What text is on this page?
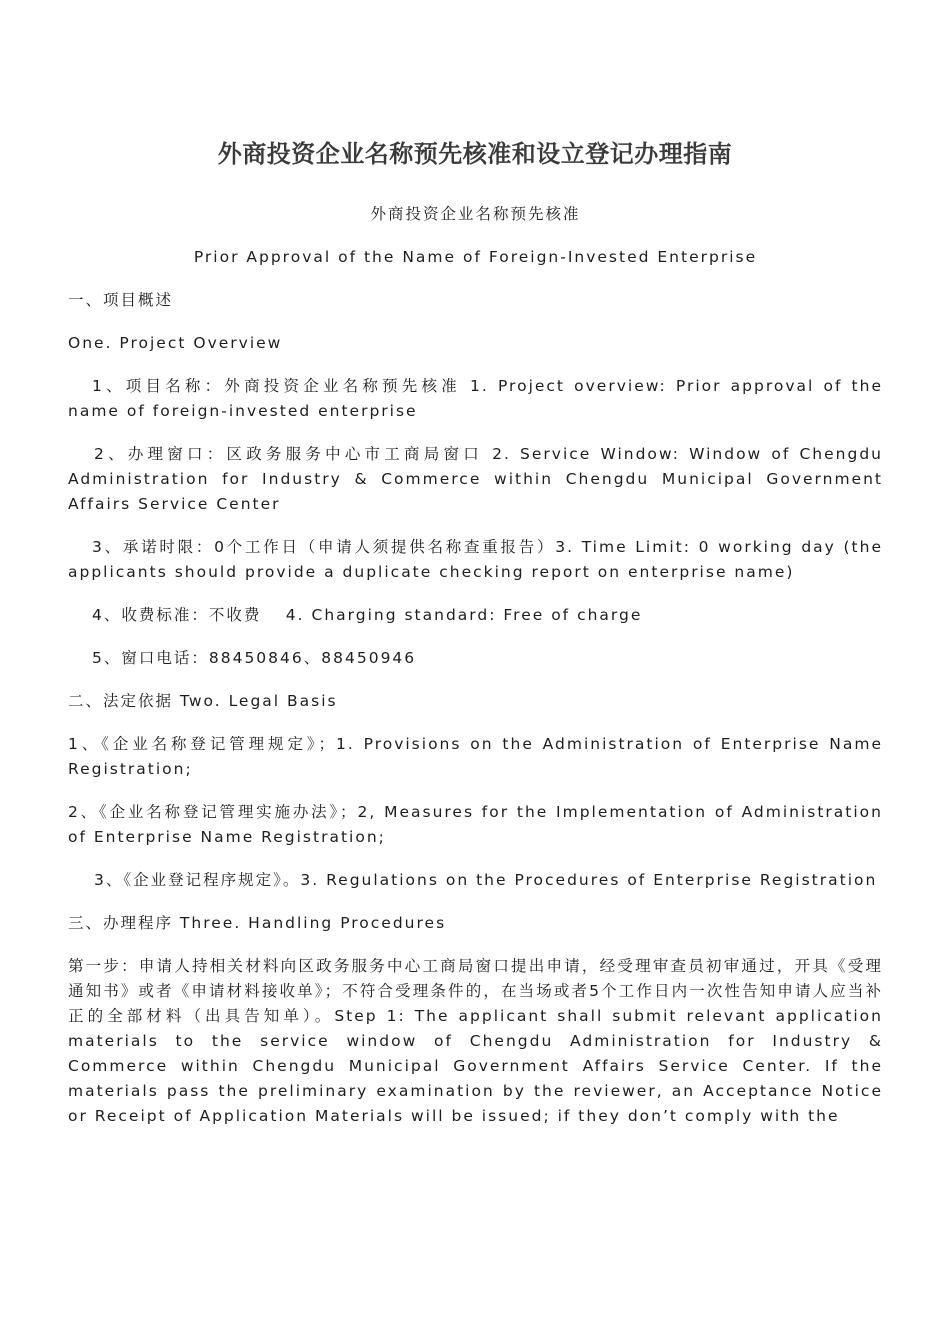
外商投资企业名称预先核准和设立登记办理指南

外商投资企业名称预先核准

Prior Approval of the Name of Foreign-Invested Enterprise

一、项目概述

One. Project Overview

1、项目名称：外商投资企业名称预先核准 1. Project overview: Prior approval of the name of foreign-invested enterprise

2、办理窗口：区政务服务中心市工商局窗口 2. Service Window: Window of Chengdu Administration for Industry & Commerce within Chengdu Municipal Government Affairs Service Center

3、承诺时限：0个工作日（申请人须提供名称查重报告）3. Time Limit: 0 working day (the applicants should provide a duplicate checking report on enterprise name)

4、收费标准：不收费　 4. Charging standard: Free of charge

5、窗口电话：88450846、88450946

二、法定依据 Two. Legal Basis

1、《企业名称登记管理规定》；1. Provisions on the Administration of Enterprise Name Registration;

2、《企业名称登记管理实施办法》；2, Measures for the Implementation of Administration of Enterprise Name Registration;

3、《企业登记程序规定》。3. Regulations on the Procedures of Enterprise Registration

三、办理程序 Three. Handling Procedures

第一步：申请人持相关材料向区政务服务中心工商局窗口提出申请，经受理审查员初审通过，开具《受理通知书》或者《申请材料接收单》；不符合受理条件的，在当场或者5个工作日内一次性告知申请人应当补正的全部材料（出具告知单）。Step 1: The applicant shall submit relevant application materials to the service window of Chengdu Administration for Industry & Commerce within Chengdu Municipal Government Affairs Service Center. If the materials pass the preliminary examination by the reviewer, an Acceptance Notice or Receipt of Application Materials will be issued; if they don’t comply with the
